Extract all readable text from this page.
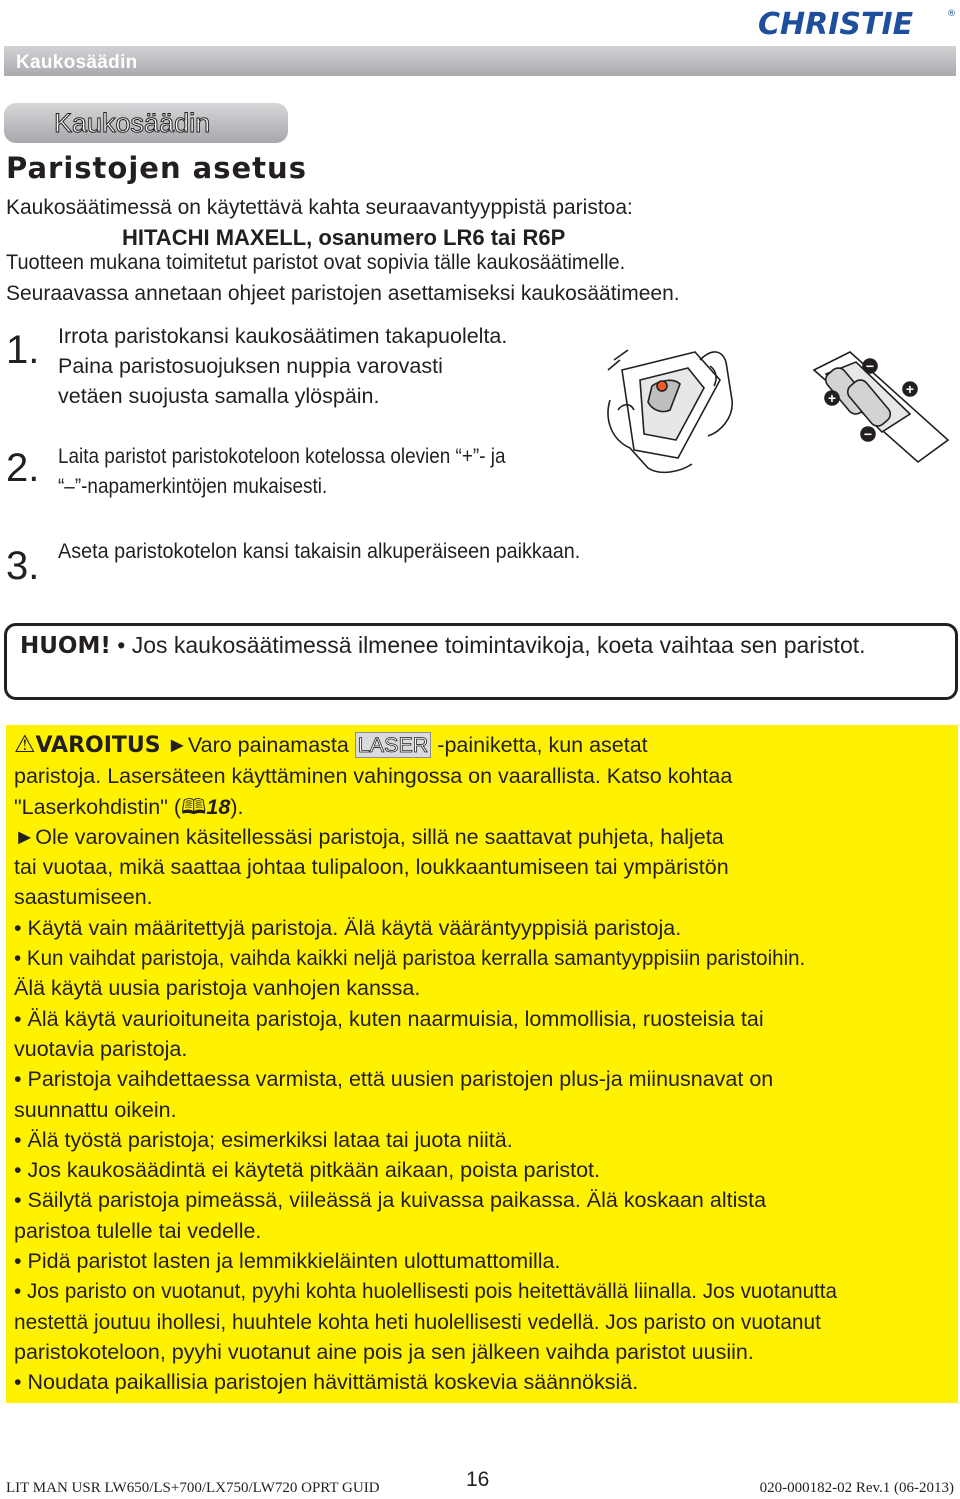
CHRISTIE	®
Kaukosäädin
Kaukosäädin
Paristojen asetus
Kaukosäätimessä on käytettävä kahta seuraavantyyppistä paristoa:
HITACHI MAXELL, osanumero LR6 tai R6P
Tuotteen mukana toimitetut paristot ovat sopivia tälle kaukosäätimelle.
Seuraavassa annetaan ohjeet paristojen asettamiseksi kaukosäätimeen.
1. Irrota paristokansi kaukosäätimen takapuolelta.
Paina paristosuojuksen nuppia varovasti
vetäen suojusta samalla ylöspäin.
2. Laita paristot paristokoteloon kotelossa olevien “+”- ja
“–”-napamerkintöjen mukaisesti.
3. Aseta paristokotelon kansi takaisin alkuperäiseen paikkaan.
−
+
+
−
HUOM! • Jos kaukosäätimessä ilmenee toimintavikoja, koeta vaihtaa sen paristot.
⚠VAROITUS ►Varo painamasta LASER -painiketta, kun asetat
paristoja. Lasersäteen käyttäminen vahingossa on vaarallista. Katso kohtaa
"Laserkohdistin" (🕮18).
►Ole varovainen käsitellessäsi paristoja, sillä ne saattavat puhjeta, haljeta
tai vuotaa, mikä saattaa johtaa tulipaloon, loukkaantumiseen tai ympäristön
saastumiseen.
• Käytä vain määritettyjä paristoja. Älä käytä vääräntyyppisiä paristoja.
• Kun vaihdat paristoja, vaihda kaikki neljä paristoa kerralla samantyyppisiin paristoihin.
Älä käytä uusia paristoja vanhojen kanssa.
• Älä käytä vaurioituneita paristoja, kuten naarmuisia, lommollisia, ruosteisia tai
vuotavia paristoja.
• Paristoja vaihdettaessa varmista, että uusien paristojen plus-ja miinusnavat on
suunnattu oikein.
• Älä työstä paristoja; esimerkiksi lataa tai juota niitä.
• Jos kaukosäädintä ei käytetä pitkään aikaan, poista paristot.
• Säilytä paristoja pimeässä, viileässä ja kuivassa paikassa. Älä koskaan altista
paristoa tulelle tai vedelle.
• Pidä paristot lasten ja lemmikkieläinten ulottumattomilla.
• Jos paristo on vuotanut, pyyhi kohta huolellisesti pois heitettävällä liinalla. Jos vuotanutta
nestettä joutuu ihollesi, huuhtele kohta heti huolellisesti vedellä. Jos paristo on vuotanut
paristokoteloon, pyyhi vuotanut aine pois ja sen jälkeen vaihda paristot uusiin.
• Noudata paikallisia paristojen hävittämistä koskevia säännöksiä.
LIT MAN USR LW650/LS+700/LX750/LW720 OPRT GUID	16	020-000182-02 Rev.1 (06-2013)
